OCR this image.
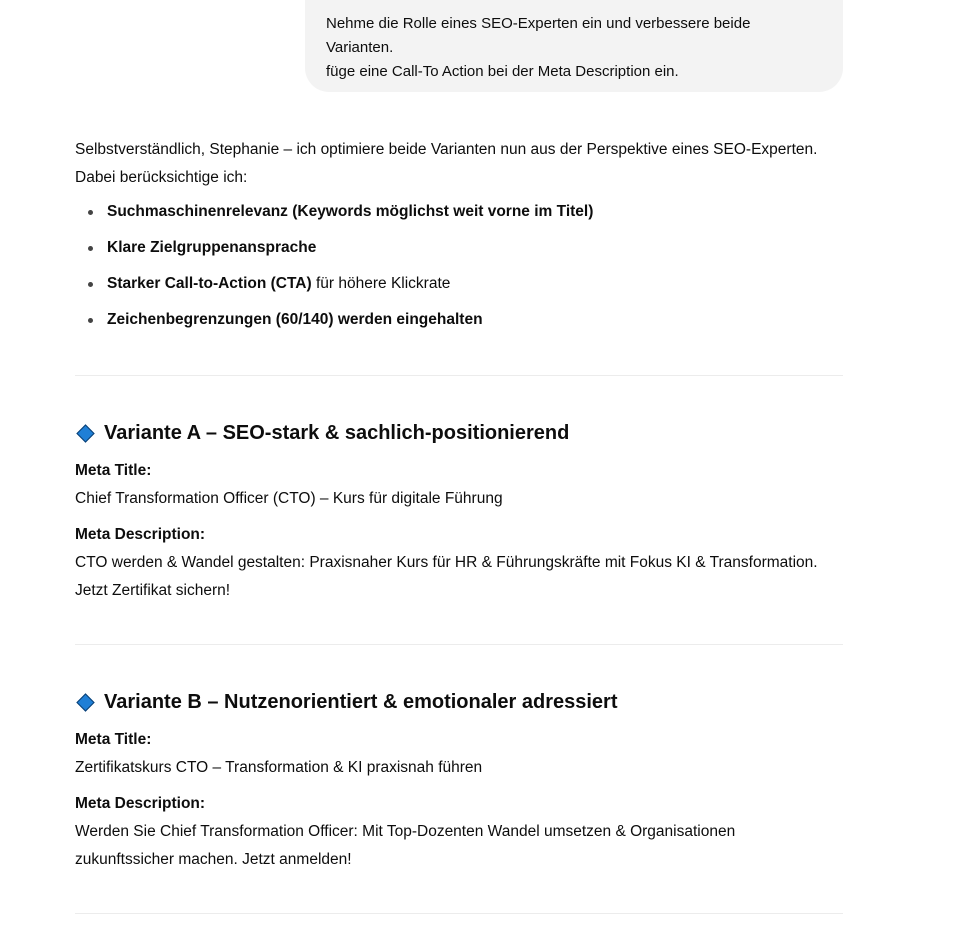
Nehme die Rolle eines SEO-Experten ein und verbessere beide
Varianten.
füge eine Call-To Action bei der Meta Description ein.

Selbstverständlich, Stephanie – ich optimiere beide Varianten nun aus der Perspektive eines SEO-Experten.

Dabei berücksichtige ich:

Suchmaschinenrelevanz (Keywords möglichst weit vorne im Titel)
Klare Zielgruppenansprache
Starker Call-to-Action (CTA) für höhere Klickrate
Zeichenbegrenzungen (60/140) werden eingehalten
Variante A – SEO-stark & sachlich-positionierend
Meta Title:
Chief Transformation Officer (CTO) – Kurs für digitale Führung
Meta Description:
CTO werden & Wandel gestalten: Praxisnaher Kurs für HR & Führungskräfte mit Fokus KI & Transformation.
Jetzt Zertifikat sichern!
Variante B – Nutzenorientiert & emotionaler adressiert
Meta Title:
Zertifikatskurs CTO – Transformation & KI praxisnah führen
Meta Description:
Werden Sie Chief Transformation Officer: Mit Top-Dozenten Wandel umsetzen & Organisationen
zukunftssicher machen. Jetzt anmelden!
